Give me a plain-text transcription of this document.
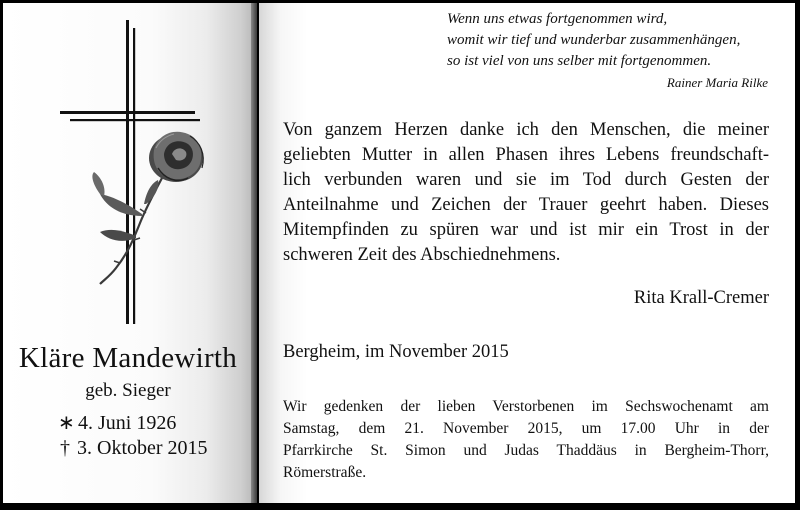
Kläre Mandewirth
geb. Sieger
∗ 4. Juni 1926
† 3. Oktober 2015
Wenn uns etwas fortgenommen wird,
womit wir tief und wunderbar zusammenhängen,
so ist viel von uns selber mit fortgenommen.
Rainer Maria Rilke
Von ganzem Herzen danke ich den Menschen, die meiner
geliebten Mutter in allen Phasen ihres Lebens freundschaft-
lich verbunden waren und sie im Tod durch Gesten der
Anteilnahme und Zeichen der Trauer geehrt haben. Dieses
Mitempfinden zu spüren war und ist mir ein Trost in der
schweren Zeit des Abschiednehmens.
Rita Krall-Cremer
Bergheim, im November 2015
Wir gedenken der lieben Verstorbenen im Sechswochenamt am
Samstag, dem 21. November 2015, um 17.00 Uhr in der
Pfarrkirche St. Simon und Judas Thaddäus in Bergheim-Thorr,
Römerstraße.
